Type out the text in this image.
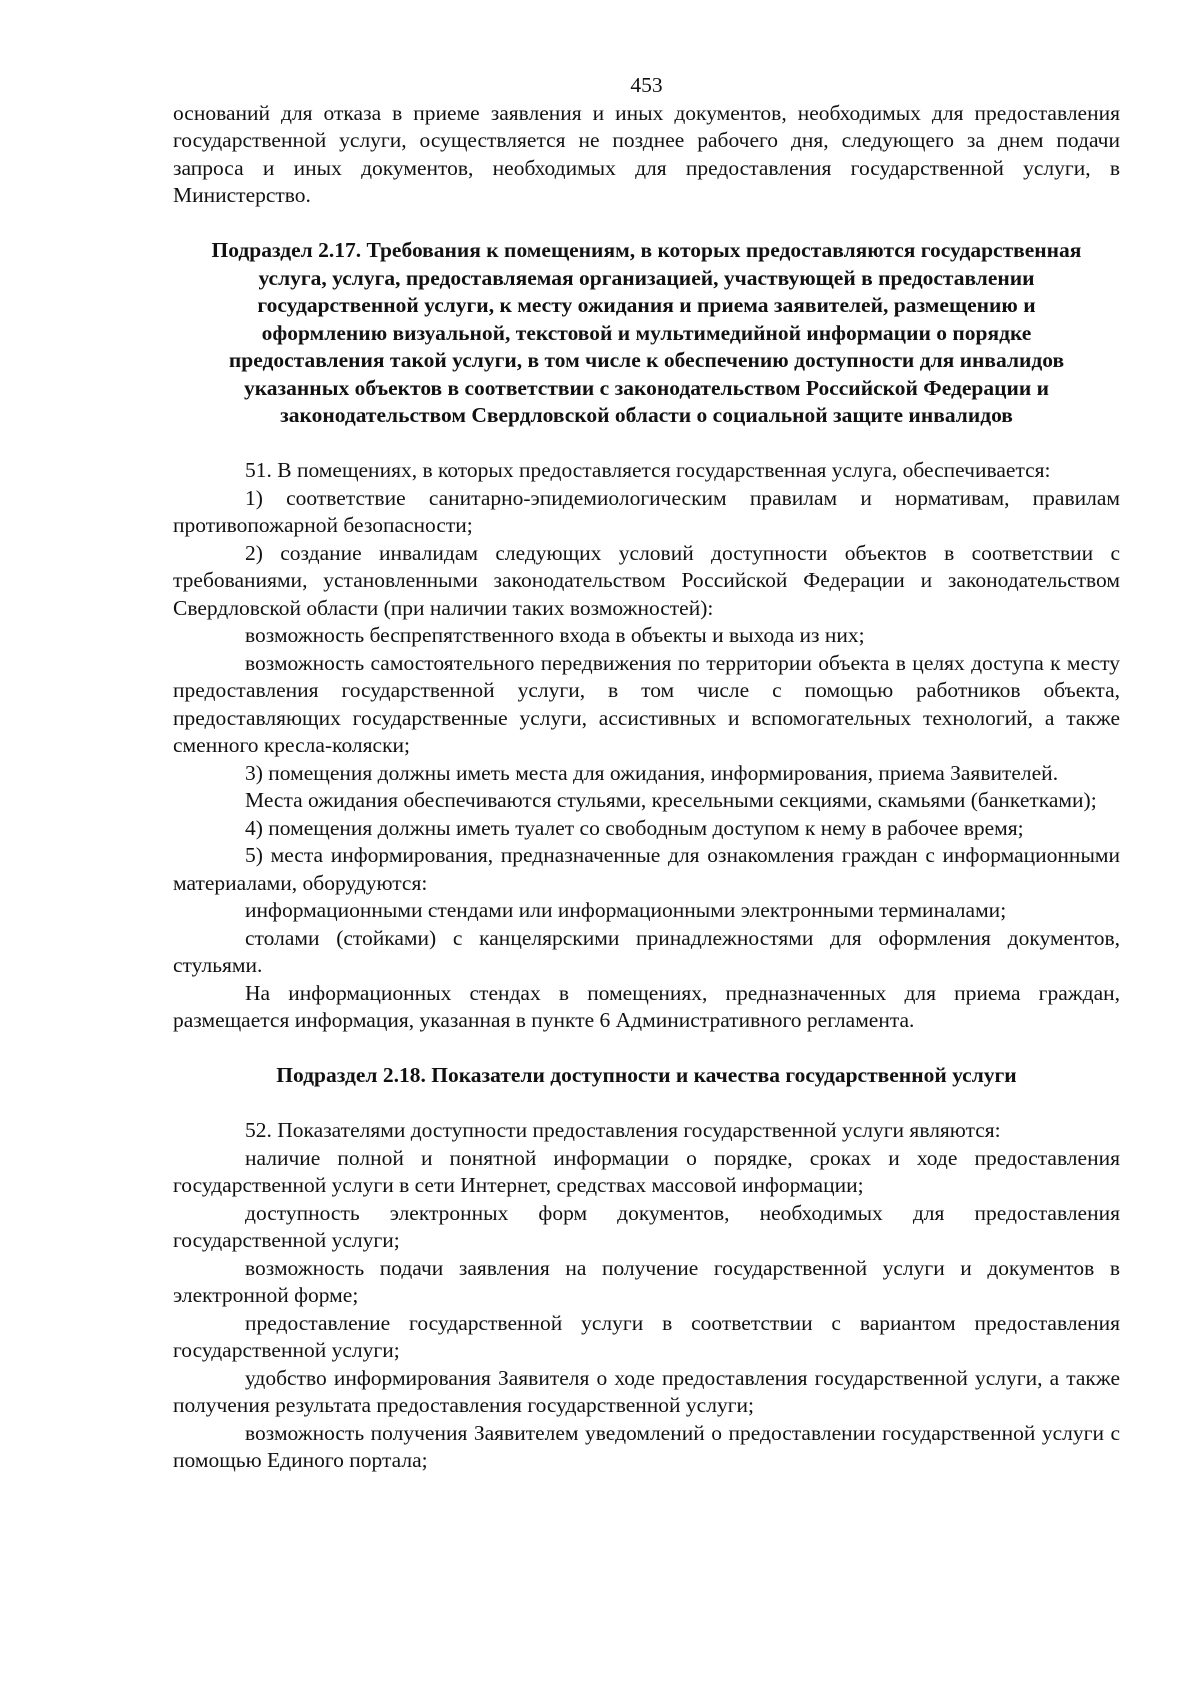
453

оснований для отказа в приеме заявления и иных документов, необходимых для предоставления государственной услуги, осуществляется не позднее рабочего дня, следующего за днем подачи запроса и иных документов, необходимых для предоставления государственной услуги, в Министерство.

Подраздел 2.17. Требования к помещениям, в которых предоставляются государственная услуга, услуга, предоставляемая организацией, участвующей в предоставлении государственной услуги, к месту ожидания и приема заявителей, размещению и оформлению визуальной, текстовой и мультимедийной информации о порядке предоставления такой услуги, в том числе к обеспечению доступности для инвалидов указанных объектов в соответствии с законодательством Российской Федерации и законодательством Свердловской области о социальной защите инвалидов

51. В помещениях, в которых предоставляется государственная услуга, обеспечивается:

1) соответствие санитарно-эпидемиологическим правилам и нормативам, правилам противопожарной безопасности;

2) создание инвалидам следующих условий доступности объектов в соответствии с требованиями, установленными законодательством Российской Федерации и законодательством Свердловской области (при наличии таких возможностей):

возможность беспрепятственного входа в объекты и выхода из них;

возможность самостоятельного передвижения по территории объекта в целях доступа к месту предоставления государственной услуги, в том числе с помощью работников объекта, предоставляющих государственные услуги, ассистивных и вспомогательных технологий, а также сменного кресла-коляски;

3) помещения должны иметь места для ожидания, информирования, приема Заявителей.

Места ожидания обеспечиваются стульями, кресельными секциями, скамьями (банкетками);

4) помещения должны иметь туалет со свободным доступом к нему в рабочее время;

5) места информирования, предназначенные для ознакомления граждан с информационными материалами, оборудуются:

информационными стендами или информационными электронными терминалами;

столами (стойками) с канцелярскими принадлежностями для оформления документов, стульями.

На информационных стендах в помещениях, предназначенных для приема граждан, размещается информация, указанная в пункте 6 Административного регламента.

Подраздел 2.18. Показатели доступности и качества государственной услуги

52. Показателями доступности предоставления государственной услуги являются:

наличие полной и понятной информации о порядке, сроках и ходе предоставления государственной услуги в сети Интернет, средствах массовой информации;

доступность электронных форм документов, необходимых для предоставления государственной услуги;

возможность подачи заявления на получение государственной услуги и документов в электронной форме;

предоставление государственной услуги в соответствии с вариантом предоставления государственной услуги;

удобство информирования Заявителя о ходе предоставления государственной услуги, а также получения результата предоставления государственной услуги;

возможность получения Заявителем уведомлений о предоставлении государственной услуги с помощью Единого портала;
